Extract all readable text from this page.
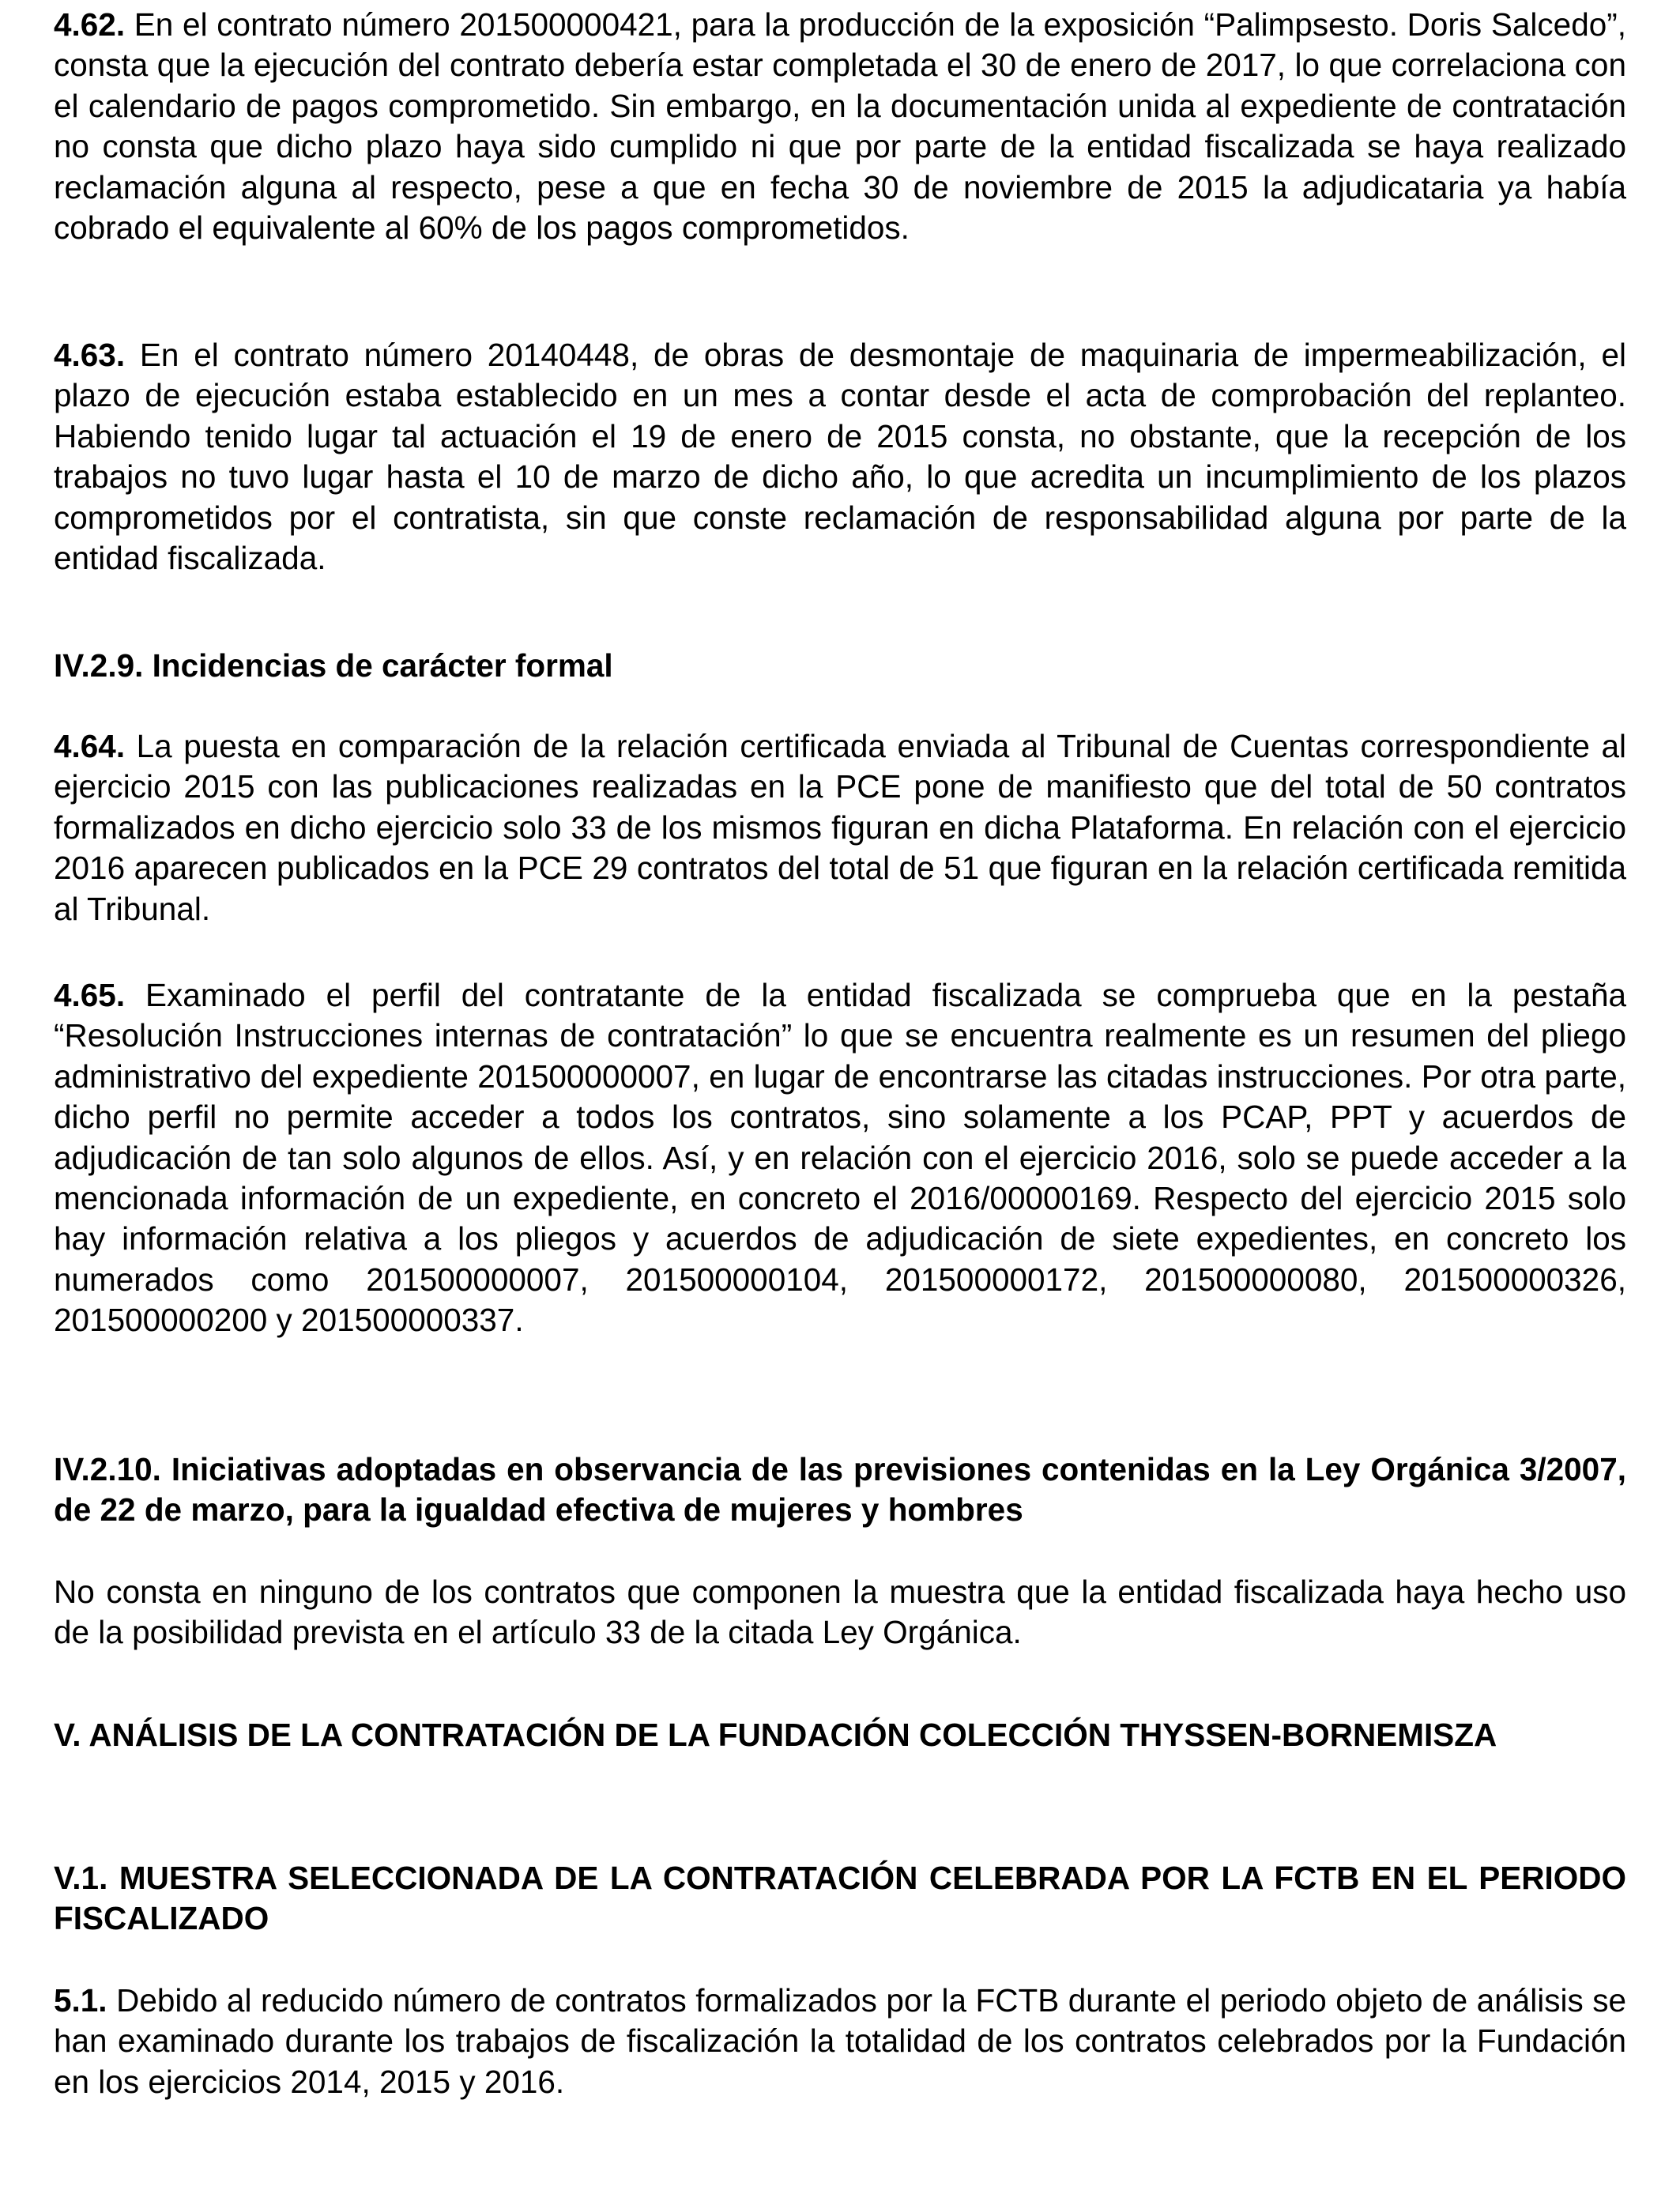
4.62. En el contrato número 201500000421, para la producción de la exposición “Palimpsesto. Doris Salcedo”, consta que la ejecución del contrato debería estar completada el 30 de enero de 2017, lo que correlaciona con el calendario de pagos comprometido. Sin embargo, en la documentación unida al expediente de contratación no consta que dicho plazo haya sido cumplido ni que por parte de la entidad fiscalizada se haya realizado reclamación alguna al respecto, pese a que en fecha 30 de noviembre de 2015 la adjudicataria ya había cobrado el equivalente al 60% de los pagos comprometidos.

4.63. En el contrato número 20140448, de obras de desmontaje de maquinaria de impermeabilización, el plazo de ejecución estaba establecido en un mes a contar desde el acta de comprobación del replanteo. Habiendo tenido lugar tal actuación el 19 de enero de 2015 consta, no obstante, que la recepción de los trabajos no tuvo lugar hasta el 10 de marzo de dicho año, lo que acredita un incumplimiento de los plazos comprometidos por el contratista, sin que conste reclamación de responsabilidad alguna por parte de la entidad fiscalizada.

IV.2.9. Incidencias de carácter formal

4.64. La puesta en comparación de la relación certificada enviada al Tribunal de Cuentas correspondiente al ejercicio 2015 con las publicaciones realizadas en la PCE pone de manifiesto que del total de 50 contratos formalizados en dicho ejercicio solo 33 de los mismos figuran en dicha Plataforma. En relación con el ejercicio 2016 aparecen publicados en la PCE 29 contratos del total de 51 que figuran en la relación certificada remitida al Tribunal.

4.65. Examinado el perfil del contratante de la entidad fiscalizada se comprueba que en la pestaña “Resolución Instrucciones internas de contratación” lo que se encuentra realmente es un resumen del pliego administrativo del expediente 201500000007, en lugar de encontrarse las citadas instrucciones. Por otra parte, dicho perfil no permite acceder a todos los contratos, sino solamente a los PCAP, PPT y acuerdos de adjudicación de tan solo algunos de ellos. Así, y en relación con el ejercicio 2016, solo se puede acceder a la mencionada información de un expediente, en concreto el 2016/00000169. Respecto del ejercicio 2015 solo hay información relativa a los pliegos y acuerdos de adjudicación de siete expedientes, en concreto los numerados como 201500000007, 201500000104, 201500000172, 201500000080, 201500000326, 201500000200 y 201500000337.

IV.2.10. Iniciativas adoptadas en observancia de las previsiones contenidas en la Ley Orgánica 3/2007, de 22 de marzo, para la igualdad efectiva de mujeres y hombres

No consta en ninguno de los contratos que componen la muestra que la entidad fiscalizada haya hecho uso de la posibilidad prevista en el artículo 33 de la citada Ley Orgánica.

V. ANÁLISIS DE LA CONTRATACIÓN DE LA FUNDACIÓN COLECCIÓN THYSSEN-BORNEMISZA

V.1. MUESTRA SELECCIONADA DE LA CONTRATACIÓN CELEBRADA POR LA FCTB EN EL PERIODO FISCALIZADO

5.1. Debido al reducido número de contratos formalizados por la FCTB durante el periodo objeto de análisis se han examinado durante los trabajos de fiscalización la totalidad de los contratos celebrados por la Fundación en los ejercicios 2014, 2015 y 2016.
